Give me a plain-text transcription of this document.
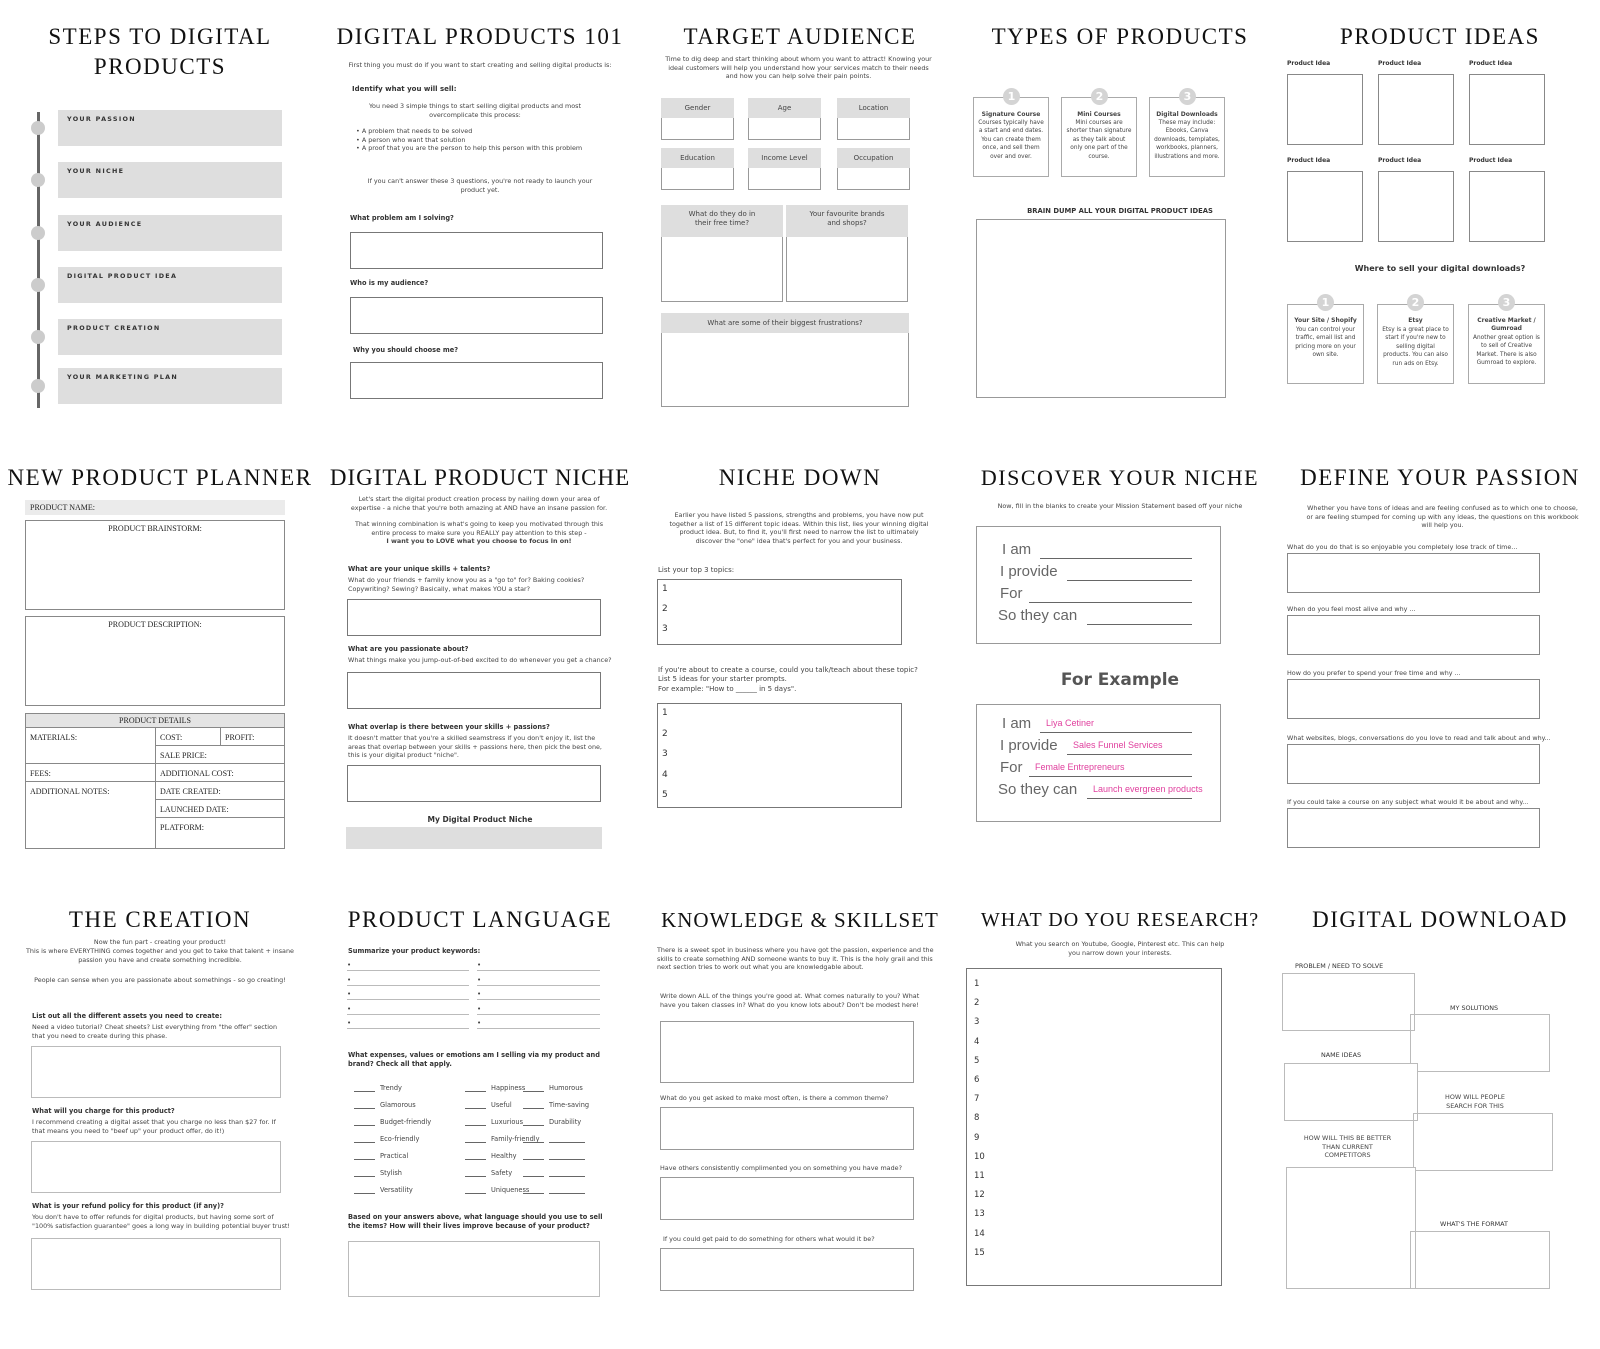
STEPS TO DIGITAL PRODUCTS
YOUR PASSION
YOUR NICHE
YOUR AUDIENCE
DIGITAL PRODUCT IDEA
PRODUCT CREATION
YOUR MARKETING PLAN
DIGITAL PRODUCTS 101
First thing you must do if you want to start creating and selling digital products is:
Identify what you will sell:
You need 3 simple things to start selling digital products and most overcomplicate this process:
• A problem that needs to be solved
• A person who want that solution
• A proof that you are the person to help this person with this problem
If you can't answer these 3 questions, you're not ready to launch your product yet.
What problem am I solving?
Who is my audience?
Why you should choose me?
TARGET AUDIENCE
Time to dig deep and start thinking about whom you want to attract! Knowing your ideal customers will help you understand how your services match to their needs and how you can help solve their pain points.
What do they do in their free time?
Your favourite brands and shops?
What are some of their biggest frustrations?
Gender	Age	Location
Education	Income Level	Occupation
TYPES OF PRODUCTS
BRAIN DUMP ALL YOUR DIGITAL PRODUCT IDEAS
1
Signature Course
Courses typically have a start and end dates. You can create them once, and sell them over and over.
2
Mini Courses
Mini courses are shorter than signature as they talk about only one part of the course.
3
Digital Downloads
These may include: Ebooks, Canva downloads, templates, workbooks, planners, illustrations and more.
PRODUCT IDEAS
Where to sell your digital downloads?
Product Idea	Product Idea	Product Idea
Product Idea	Product Idea	Product Idea
1
Your Site / Shopify
You can control your traffic, email list and pricing more on your own site.
2
Etsy
Etsy is a great place to start if you're new to selling digital products. You can also run ads on Etsy.
3
Creative Market / Gumroad
Another great option is to sell of Creative Market. There is also Gumroad to explore.
NEW PRODUCT PLANNER
PRODUCT NAME:
PRODUCT BRAINSTORM:
PRODUCT DESCRIPTION:
PRODUCT DETAILS
MATERIALS:	COST:	PROFIT:
SALE PRICE:
FEES:	ADDITIONAL COST:
ADDITIONAL NOTES:	DATE CREATED:
LAUNCHED DATE:
PLATFORM:
DIGITAL PRODUCT NICHE
Let's start the digital product creation process by nailing down your area of expertise - a niche that you're both amazing at AND have an insane passion for.
That winning combination is what's going to keep you motivated through this entire process to make sure you REALLY pay attention to this step -
I want you to LOVE what you choose to focus in on!
What are your unique skills + talents?
What do your friends + family know you as a "go to" for? Baking cookies? Copywriting? Sewing? Basically, what makes YOU a star?
What are you passionate about?
What things make you jump-out-of-bed excited to do whenever you get a chance?
What overlap is there between your skills + passions?
It doesn't matter that you're a skilled seamstress if you don't enjoy it, list the areas that overlap between your skills + passions here, then pick the best one, this is your digital product "niche".
My Digital Product Niche
NICHE DOWN
Earlier you have listed 5 passions, strengths and problems, you have now put together a list of 15 different topic ideas. Within this list, lies your winning digital product idea. But, to find it, you'll first need to narrow the list to ultimately discover the "one" idea that's perfect for you and your business.
List your top 3 topics:
If you're about to create a course, could you talk/teach about these topic? List 5 ideas for your starter prompts.
For example: "How to ______ in 5 days".
1
2
3
1
2
3
4
5
DISCOVER YOUR NICHE
Now, fill in the blanks to create your Mission Statement based off your niche
For Example
I am
I provide
For
So they can
I am Liya Cetiner
I provide Sales Funnel Services
For Female Entrepreneurs
So they can Launch evergreen products
DEFINE YOUR PASSION
Whether you have tons of ideas and are feeling confused as to which one to choose, or are feeling stumped for coming up with any ideas, the questions on this workbook will help you.
What do you do that is so enjoyable you completely lose track of time...
When do you feel most alive and why ...
How do you prefer to spend your free time and why ...
What websites, blogs, conversations do you love to read and talk about and why...
If you could take a course on any subject what would it be about and why...
THE CREATION
Now the fun part - creating your product!
This is where EVERYTHING comes together and you get to take that talent + insane passion you have and create something incredible.
People can sense when you are passionate about somethings - so go creating!
List out all the different assets you need to create:
Need a video tutorial? Cheat sheets? List everything from "the offer" section that you need to create during this phase.
What will you charge for this product?
I recommend creating a digital asset that you charge no less than $27 for. If that means you need to "beef up" your product offer, do it!)
What is your refund policy for this product (if any)?
You don't have to offer refunds for digital products, but having some sort of "100% satisfaction guarantee" goes a long way in building potential buyer trust!
PRODUCT LANGUAGE
Summarize your product keywords:
What expenses, values or emotions am I selling via my product and brand? Check all that apply.
Based on your answers above, what language should you use to sell the items? How will their lives improve because of your product?
•	•
•	•
•	•
•	•
•	•
Trendy	Happiness	Humorous
Glamorous	Useful	Time-saving
Budget-friendly	Luxurious	Durability
Eco-friendly	Family-friendly
Practical	Healthy
Stylish	Safety
Versatility	Uniqueness
KNOWLEDGE & SKILLSET
There is a sweet spot in business where you have got the passion, experience and the skills to create something AND someone wants to buy it. This is the holy grail and this next section tries to work out what you are knowledgable about.
Write down ALL of the things you're good at. What comes naturally to you? What have you taken classes in? What do you know lots about? Don't be modest here!
What do you get asked to make most often, is there a common theme?
Have others consistently complimented you on something you have made?
If you could get paid to do something for others what would it be?
WHAT DO YOU RESEARCH?
What you search on Youtube, Google, Pinterest etc. This can help you narrow down your interests.
1
2
3
4
5
6
7
8
9
10
11
12
13
14
15
DIGITAL DOWNLOAD
PROBLEM / NEED TO SOLVE
MY SOLUTIONS
NAME IDEAS
HOW WILL PEOPLE SEARCH FOR THIS
HOW WILL THIS BE BETTER THAN CURRENT COMPETITORS
WHAT'S THE FORMAT
